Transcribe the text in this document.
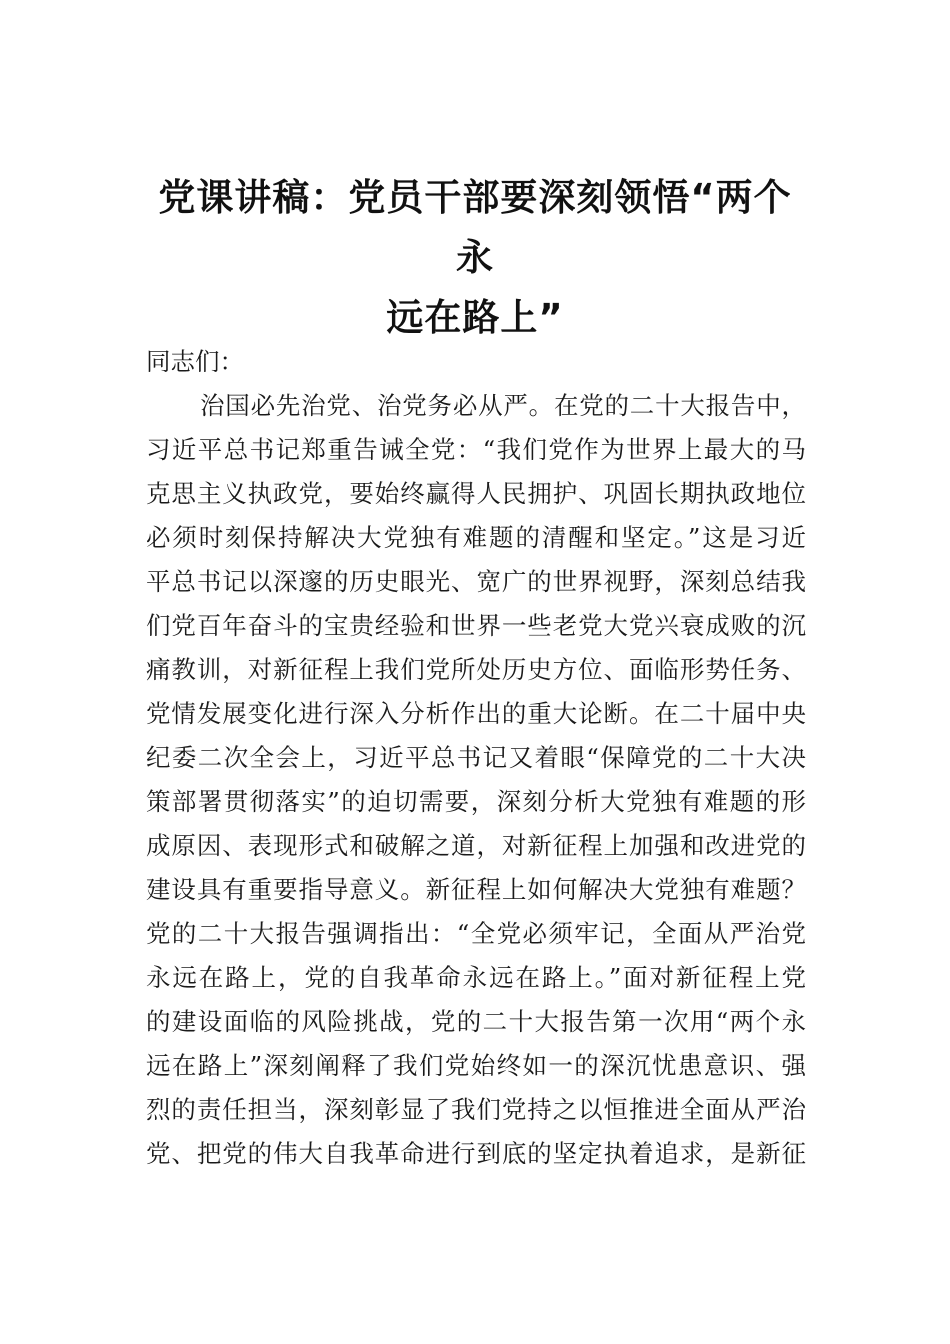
党课讲稿：党员干部要深刻领悟“两个永
远在路上”

同志们：

治国必先治党、治党务必从严。在党的二十大报告中，

习近平总书记郑重告诫全党：“我们党作为世界上最大的马

克思主义执政党，要始终赢得人民拥护、巩固长期执政地位

必须时刻保持解决大党独有难题的清醒和坚定。”这是习近

平总书记以深邃的历史眼光、宽广的世界视野，深刻总结我

们党百年奋斗的宝贵经验和世界一些老党大党兴衰成败的沉

痛教训，对新征程上我们党所处历史方位、面临形势任务、

党情发展变化进行深入分析作出的重大论断。在二十届中央

纪委二次全会上，习近平总书记又着眼“保障党的二十大决

策部署贯彻落实”的迫切需要，深刻分析大党独有难题的形

成原因、表现形式和破解之道，对新征程上加强和改进党的

建设具有重要指导意义。新征程上如何解决大党独有难题？

党的二十大报告强调指出：“全党必须牢记，全面从严治党

永远在路上，党的自我革命永远在路上。”面对新征程上党

的建设面临的风险挑战，党的二十大报告第一次用“两个永

远在路上”深刻阐释了我们党始终如一的深沉忧患意识、强

烈的责任担当，深刻彰显了我们党持之以恒推进全面从严治

党、把党的伟大自我革命进行到底的坚定执着追求，是新征
